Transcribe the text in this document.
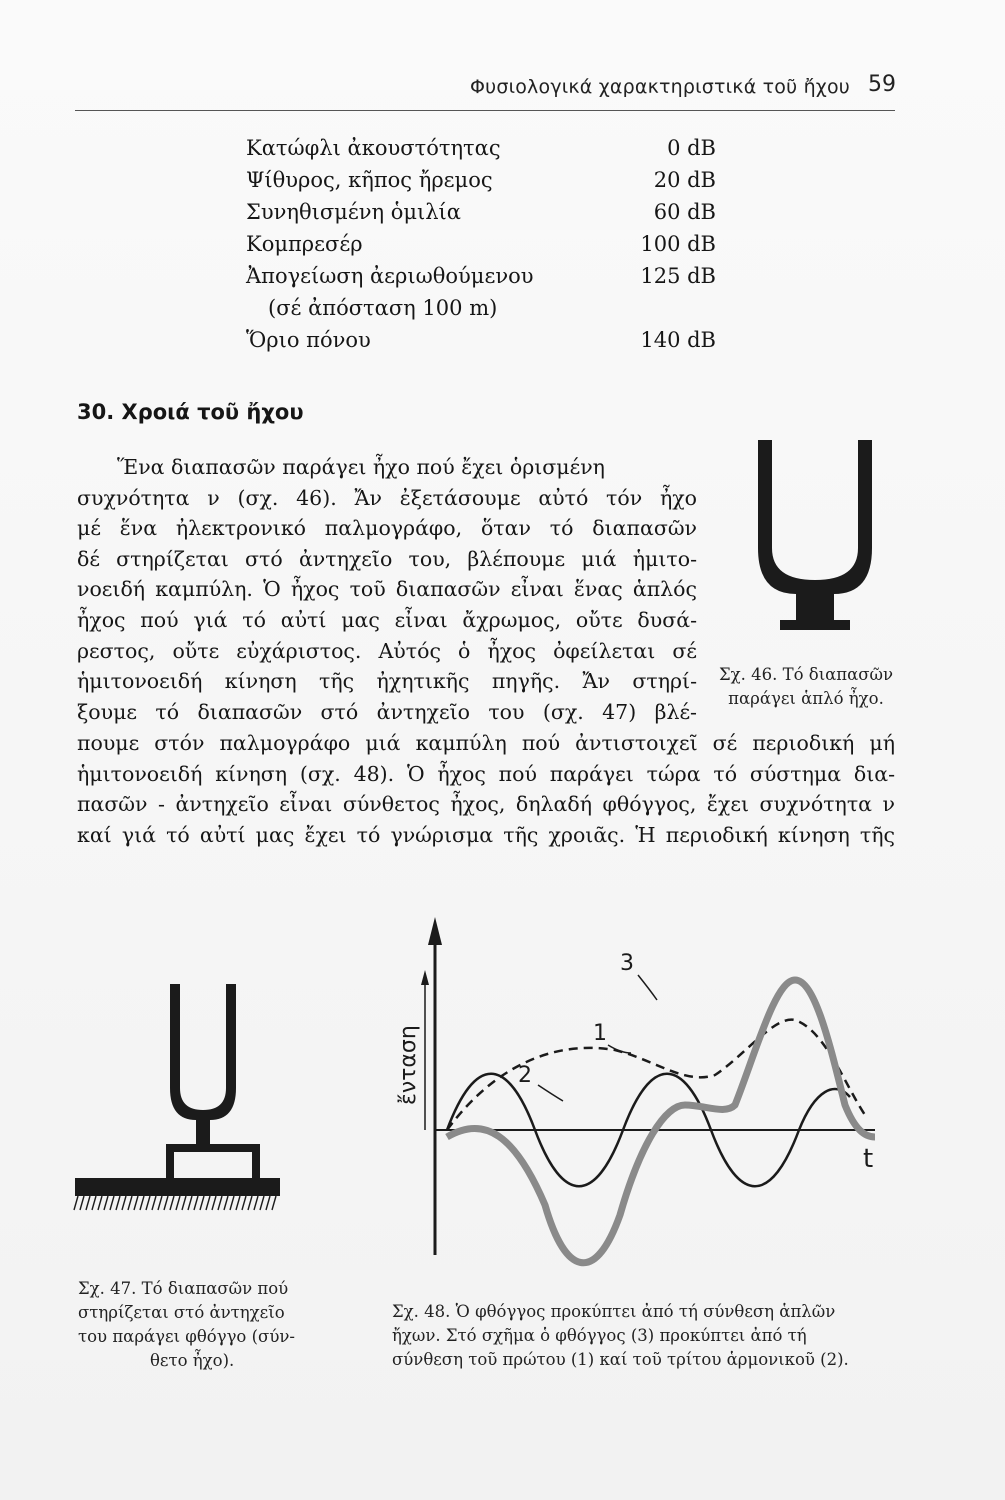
Φυσιολογικά χαρακτηριστικά τοῦ ἤχου 59
Κατώφλι ἀκουστότητας	0 dB
Ψίθυρος, κῆπος ἤρεμος	20 dB
Συνηθισμένη ὁμιλία	60 dB
Κομπρεσέρ	100 dB
Ἀπογείωση ἀεριωθούμενου	125 dB
(σέ ἀπόσταση 100 m)
Ὅριο πόνου	140 dB
30. Χροιά τοῦ ἤχου
Ἕνα διαπασῶν παράγει ἦχο πού ἔχει ὁρισμένη
συχνότητα ν (σχ. 46). Ἄν ἐξετάσουμε αὐτό τόν ἦχο
μέ ἕνα ἠλεκτρονικό παλμογράφο, ὅταν τό διαπασῶν
δέ στηρίζεται στό ἀντηχεῖο του, βλέπουμε μιά ἡμιτο-
νοειδή καμπύλη. Ὁ ἦχος τοῦ διαπασῶν εἶναι ἕνας ἁπλός
ἦχος πού γιά τό αὐτί μας εἶναι ἄχρωμος, οὔτε δυσά-
ρεστος, οὔτε εὐχάριστος. Αὐτός ὁ ἦχος ὀφείλεται σέ
ἡμιτονοειδή κίνηση τῆς ἠχητικῆς πηγῆς. Ἄν στηρί-
ξουμε τό διαπασῶν στό ἀντηχεῖο του (σχ. 47) βλέ-
πουμε στόν παλμογράφο μιά καμπύλη πού ἀντιστοιχεῖ σέ περιοδική μή
ἡμιτονοειδή κίνηση (σχ. 48). Ὁ ἦχος πού παράγει τώρα τό σύστημα δια-
πασῶν - ἀντηχεῖο εἶναι σύνθετος ἦχος, δηλαδή φθόγγος, ἔχει συχνότητα ν
καί γιά τό αὐτί μας ἔχει τό γνώρισμα τῆς χροιᾶς. Ἡ περιοδική κίνηση τῆς
Σχ. 46. Τό διαπασῶν
παράγει ἁπλό ἦχο.
Σχ. 47. Τό διαπασῶν πού
στηρίζεται στό ἀντηχεῖο
του παράγει φθόγγο (σύν-
θετο ἦχο).
3
1
2
t
ἔνταση
Σχ. 48. Ὁ φθόγγος προκύπτει ἀπό τή σύνθεση ἁπλῶν
ἤχων. Στό σχῆμα ὁ φθόγγος (3) προκύπτει ἀπό τή
σύνθεση τοῦ πρώτου (1) καί τοῦ τρίτου ἁρμονικοῦ (2).
